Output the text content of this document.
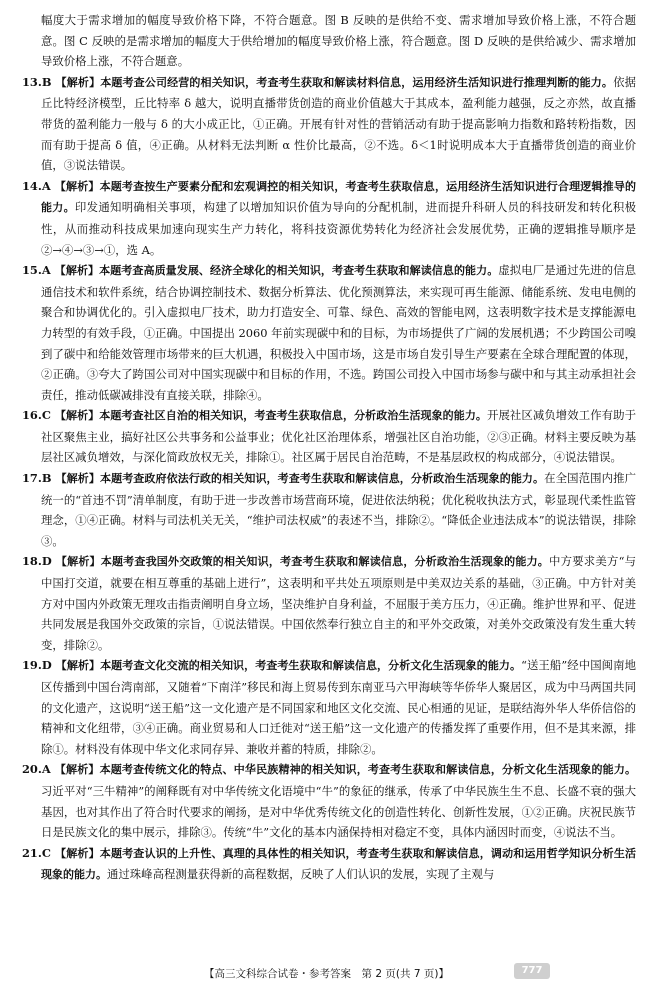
幅度大于需求增加的幅度导致价格下降，不符合题意。图 B 反映的是供给不变、需求增加导致价格上涨，不符合题意。图 C 反映的是需求增加的幅度大于供给增加的幅度导致价格上涨，符合题意。图 D 反映的是供给减少、需求增加导致价格上涨，不符合题意。

13.B 【解析】本题考查公司经营的相关知识，考查考生获取和解读材料信息，运用经济生活知识进行推理判断的能力。依据丘比特经济模型，丘比特率 δ 越大，说明直播带货创造的商业价值越大于其成本，盈利能力越强，反之亦然，故直播带货的盈利能力一般与 δ 的大小成正比，①正确。开展有针对性的营销活动有助于提高影响力指数和路转粉指数，因而有助于提高 δ 值，④正确。从材料无法判断 α 性价比最高，②不选。δ＜1时说明成本大于直播带货创造的商业价值，③说法错误。

14.A 【解析】本题考查按生产要素分配和宏观调控的相关知识，考查考生获取信息，运用经济生活知识进行合理逻辑推导的能力。印发通知明确相关事项，构建了以增加知识价值为导向的分配机制，进而提升科研人员的科技研发和转化积极性，从而推动科技成果加速向现实生产力转化，将科技资源优势转化为经济社会发展优势，正确的逻辑推导顺序是②→④→③→①，选 A。

15.A 【解析】本题考查高质量发展、经济全球化的相关知识，考查考生获取和解读信息的能力。虚拟电厂是通过先进的信息通信技术和软件系统，结合协调控制技术、数据分析算法、优化预测算法，来实现可再生能源、储能系统、发电电侧的聚合和协调优化的。引入虚拟电厂技术，助力打造安全、可靠、绿色、高效的智能电网，这表明数字技术是支撑能源电力转型的有效手段，①正确。中国提出 2060 年前实现碳中和的目标，为市场提供了广阔的发展机遇；不少跨国公司嗅到了碳中和给能效管理市场带来的巨大机遇，积极投入中国市场，这是市场自发引导生产要素在全球合理配置的体现，②正确。③夸大了跨国公司对中国实现碳中和目标的作用，不选。跨国公司投入中国市场参与碳中和与其主动承担社会责任，推动低碳减排没有直接关联，排除④。

16.C 【解析】本题考查社区自治的相关知识，考查考生获取信息，分析政治生活现象的能力。开展社区减负增效工作有助于社区聚焦主业，搞好社区公共事务和公益事业；优化社区治理体系，增强社区自治功能，②③正确。材料主要反映为基层社区减负增效，与深化简政放权无关，排除①。社区属于居民自治范畴，不是基层政权的构成部分，④说法错误。

17.B 【解析】本题考查政府依法行政的相关知识，考查考生获取和解读信息，分析政治生活现象的能力。在全国范围内推广统一的“首违不罚”清单制度，有助于进一步改善市场营商环境，促进依法纳税；优化税收执法方式，彰显现代柔性监管理念，①④正确。材料与司法机关无关，“维护司法权威”的表述不当，排除②。“降低企业违法成本”的说法错误，排除③。

18.D 【解析】本题考查我国外交政策的相关知识，考查考生获取和解读信息，分析政治生活现象的能力。中方要求美方“与中国打交道，就要在相互尊重的基础上进行”，这表明和平共处五项原则是中美双边关系的基础，③正确。中方针对美方对中国内外政策无理攻击指责阐明自身立场，坚决维护自身利益，不屈服于美方压力，④正确。维护世界和平、促进共同发展是我国外交政策的宗旨，①说法错误。中国依然奉行独立自主的和平外交政策，对美外交政策没有发生重大转变，排除②。

19.D 【解析】本题考查文化交流的相关知识，考查考生获取和解读信息，分析文化生活现象的能力。“送王船”经中国闽南地区传播到中国台湾南部，又随着“下南洋”移民和海上贸易传到东南亚马六甲海峡等华侨华人聚居区，成为中马两国共同的文化遗产，这说明“送王船”这一文化遗产是不同国家和地区文化交流、民心相通的见证，是联结海外华人华侨信俗的精神和文化纽带，③④正确。商业贸易和人口迁徙对“送王船”这一文化遗产的传播发挥了重要作用，但不是其来源，排除①。材料没有体现中华文化求同存异、兼收并蓄的特质，排除②。

20.A 【解析】本题考查传统文化的特点、中华民族精神的相关知识，考查考生获取和解读信息，分析文化生活现象的能力。习近平对“三牛精神”的阐释既有对中华传统文化语境中“牛”的象征的继承，传承了中华民族生生不息、长盛不衰的强大基因，也对其作出了符合时代要求的阐扬，是对中华优秀传统文化的创造性转化、创新性发展，①②正确。庆祝民族节日是民族文化的集中展示，排除③。传统“牛”文化的基本内涵保持相对稳定不变，具体内涵因时而变，④说法不当。

21.C 【解析】本题考查认识的上升性、真理的具体性的相关知识，考查考生获取和解读信息，调动和运用哲学知识分析生活现象的能力。通过珠峰高程测量获得新的高程数据，反映了人们认识的发展，实现了主观与

【高三文科综合试卷・参考答案　第 2 页(共 7 页)】	777
